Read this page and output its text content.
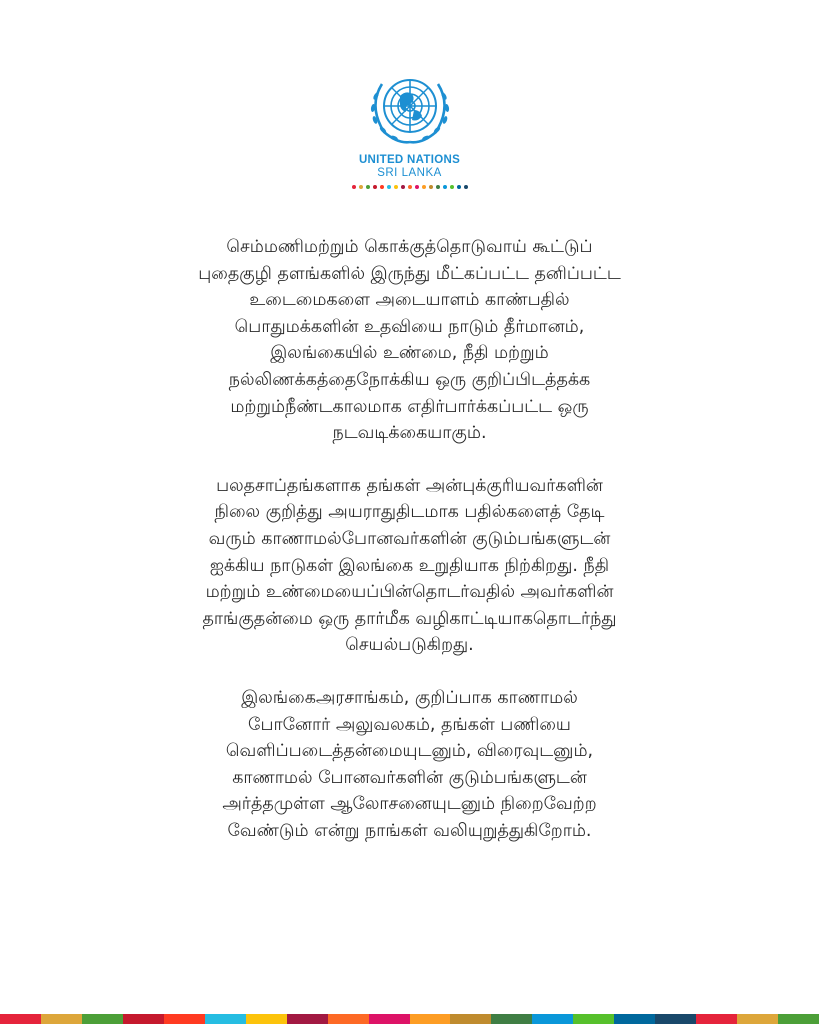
UNITED NATIONS
SRI LANKA

செம்மணிமற்றும் கொக்குத்தொடுவாய் கூட்டுப்
புதைகுழி தளங்களில் இருந்து மீட்கப்பட்ட தனிப்பட்ட
உடைமைகளை அடையாளம் காண்பதில்
பொதுமக்களின் உதவியை நாடும் தீர்மானம்,
இலங்கையில் உண்மை, நீதி மற்றும்
நல்லிணக்கத்தைநோக்கிய ஒரு குறிப்பிடத்தக்க
மற்றும்நீண்டகாலமாக எதிர்பார்க்கப்பட்ட ஒரு
நடவடிக்கையாகும்.

பலதசாப்தங்களாக தங்கள் அன்புக்குரியவர்களின்
நிலை குறித்து அயராதுதிடமாக பதில்களைத் தேடி
வரும் காணாமல்போனவர்களின் குடும்பங்களுடன்
ஐக்கிய நாடுகள் இலங்கை உறுதியாக நிற்கிறது. நீதி
மற்றும் உண்மையைப்பின்தொடர்வதில் அவர்களின்
தாங்குதன்மை ஒரு தார்மீக வழிகாட்டியாகதொடர்ந்து
செயல்படுகிறது.

இலங்கைஅரசாங்கம், குறிப்பாக காணாமல்
போனோர் அலுவலகம், தங்கள் பணியை
வெளிப்படைத்தன்மையுடனும், விரைவுடனும்,
காணாமல் போனவர்களின் குடும்பங்களுடன்
அர்த்தமுள்ள ஆலோசனையுடனும் நிறைவேற்ற
வேண்டும் என்று நாங்கள் வலியுறுத்துகிறோம்.
